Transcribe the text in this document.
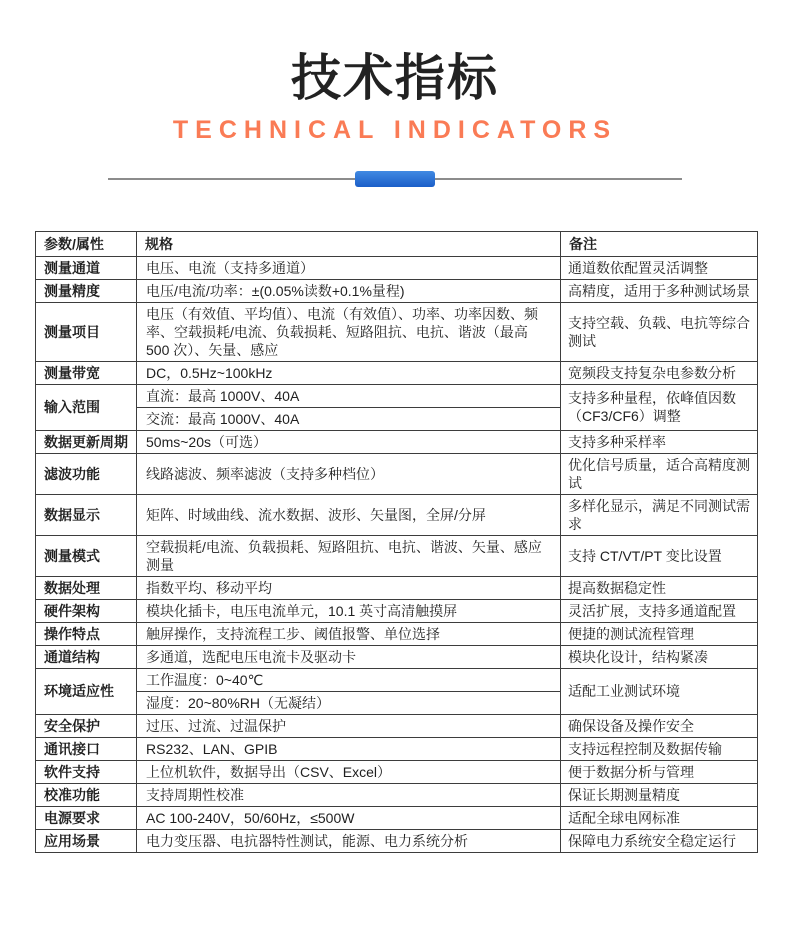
技术指标
TECHNICAL INDICATORS
参数/属性	规格	备注
测量通道	电压、电流（支持多通道）	通道数依配置灵活调整
测量精度	电压/电流/功率：±(0.05%读数+0.1%量程)	高精度，适用于多种测试场景
测量项目	电压（有效值、平均值）、电流（有效值）、功率、功率因数、频率、空载损耗/电流、负载损耗、短路阻抗、电抗、谐波（最高 500 次）、矢量、感应	支持空载、负载、电抗等综合测试
测量带宽	DC，0.5Hz~100kHz	宽频段支持复杂电参数分析
输入范围	直流：最高 1000V、40A	支持多种量程，依峰值因数（CF3/CF6）调整
	交流：最高 1000V、40A	
数据更新周期	50ms~20s（可选）	支持多种采样率
滤波功能	线路滤波、频率滤波（支持多种档位）	优化信号质量，适合高精度测试
数据显示	矩阵、时域曲线、流水数据、波形、矢量图，全屏/分屏	多样化显示，满足不同测试需求
测量模式	空载损耗/电流、负载损耗、短路阻抗、电抗、谐波、矢量、感应测量	支持 CT/VT/PT 变比设置
数据处理	指数平均、移动平均	提高数据稳定性
硬件架构	模块化插卡，电压电流单元，10.1 英寸高清触摸屏	灵活扩展，支持多通道配置
操作特点	触屏操作，支持流程工步、阈值报警、单位选择	便捷的测试流程管理
通道结构	多通道，选配电压电流卡及驱动卡	模块化设计，结构紧凑
环境适应性	工作温度：0~40℃	适配工业测试环境
	湿度：20~80%RH（无凝结）	
安全保护	过压、过流、过温保护	确保设备及操作安全
通讯接口	RS232、LAN、GPIB	支持远程控制及数据传输
软件支持	上位机软件，数据导出（CSV、Excel）	便于数据分析与管理
校准功能	支持周期性校准	保证长期测量精度
电源要求	AC 100-240V，50/60Hz，≤500W	适配全球电网标准
应用场景	电力变压器、电抗器特性测试，能源、电力系统分析	保障电力系统安全稳定运行
